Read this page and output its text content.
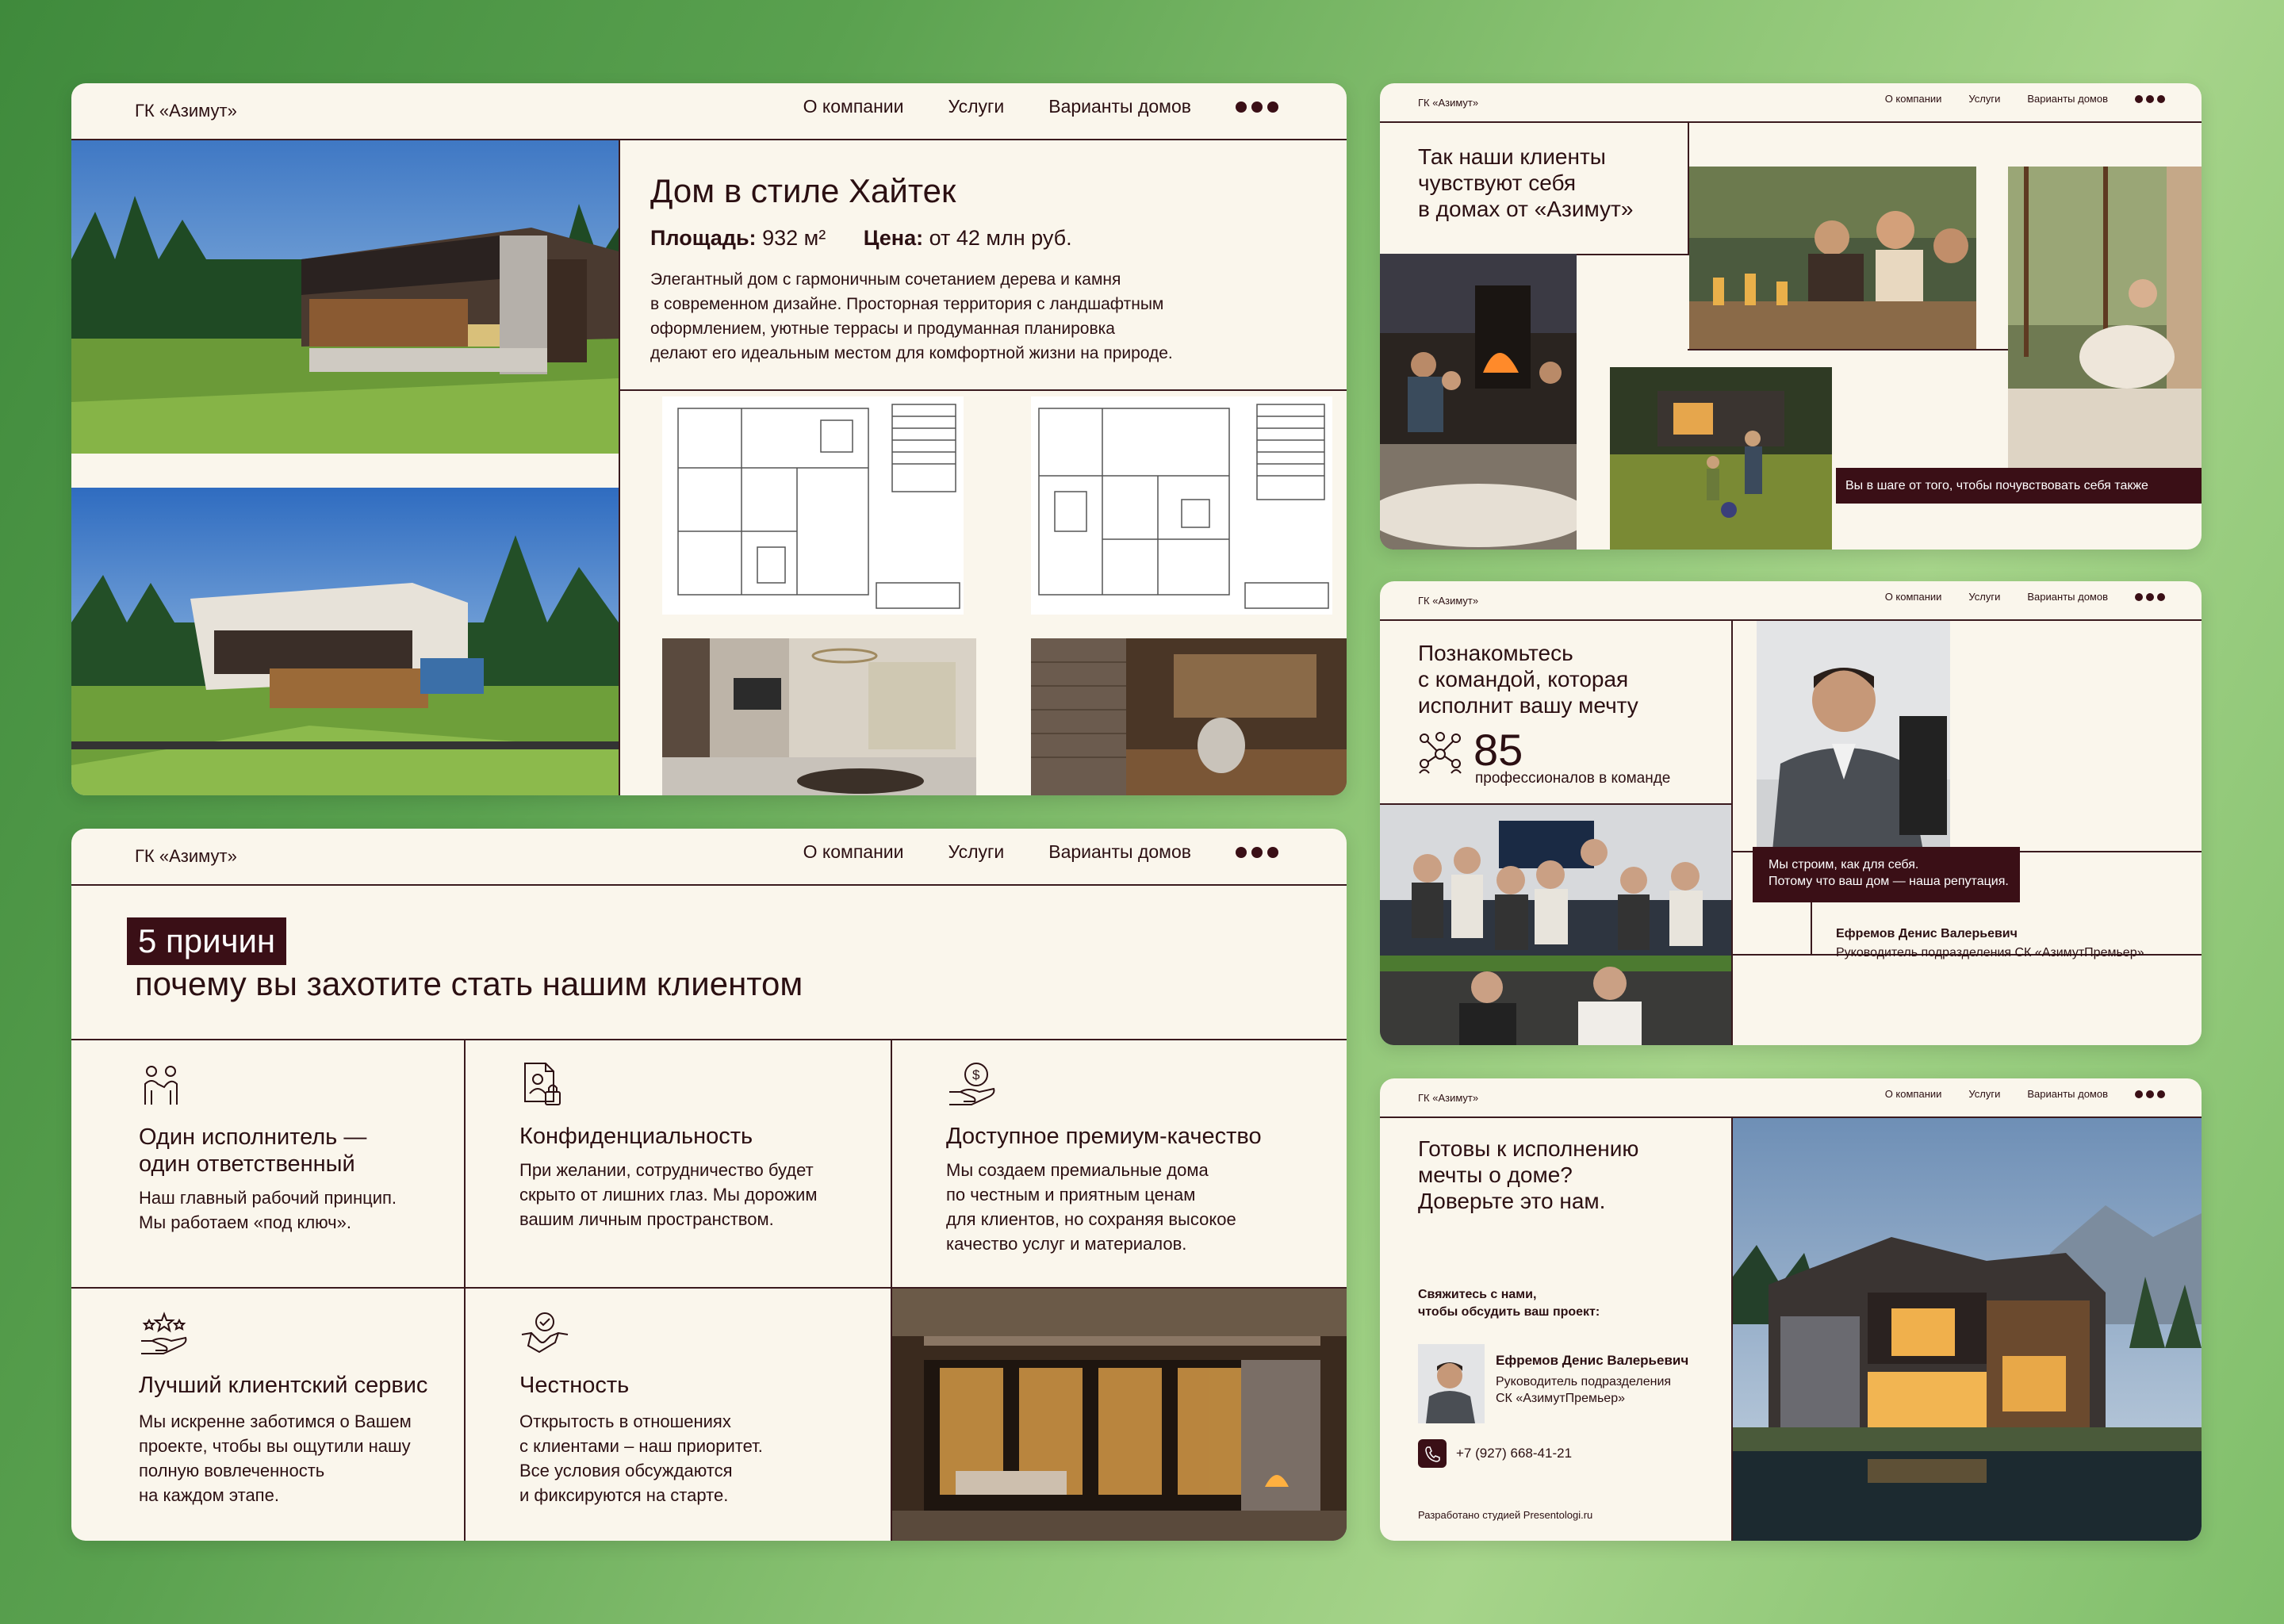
ГК «Азимут»	О компании Услуги Варианты домов
Дом в стиле Хайтек
Площадь: 932 м² Цена: от 42 млн руб.
Элегантный дом с гармоничным сочетанием дерева и камня
в современном дизайне. Просторная территория с ландшафтным
оформлением, уютные террасы и продуманная планировка
делают его идеальным местом для комфортной жизни на природе.
ГК «Азимут»	О компании Услуги Варианты домов
5 причин
почему вы захотите стать нашим клиентом
Один исполнитель —
один ответственный
Наш главный рабочий принцип.
Мы работаем «под ключ».
Конфиденциальность
При желании, сотрудничество будет
скрыто от лишних глаз. Мы дорожим
вашим личным пространством.
$
Доступное премиум-качество
Мы создаем премиальные дома
по честным и приятным ценам
для клиентов, но сохраняя высокое
качество услуг и материалов.
Лучший клиентский сервис
Мы искренне заботимся о Вашем
проекте, чтобы вы ощутили нашу
полную вовлеченность
на каждом этапе.
Честность
Открытость в отношениях
с клиентами – наш приоритет.
Все условия обсуждаются
и фиксируются на старте.
ГК «Азимут»	О компании	Услуги	Варианты домов
Так наши клиенты
чувствуют себя
в домах от «Азимут»
Вы в шаге от того, чтобы почувствовать себя также
ГК «Азимут»	О компании	Услуги	Варианты домов
Познакомьтесь
с командой, которая
исполнит вашу мечту
85
профессионалов в команде
Мы строим, как для себя.
Потому что ваш дом — наша репутация.
Ефремов Денис Валерьевич
Руководитель подразделения СК «АзимутПремьер»
ГК «Азимут»	О компании	Услуги	Варианты домов
Готовы к исполнению
мечты о доме?
Доверьте это нам.
Свяжитесь с нами,
чтобы обсудить ваш проект:
Ефремов Денис Валерьевич
Руководитель подразделения
СК «АзимутПремьер»
+7 (927) 668-41-21
Разработано студией Presentologi.ru
